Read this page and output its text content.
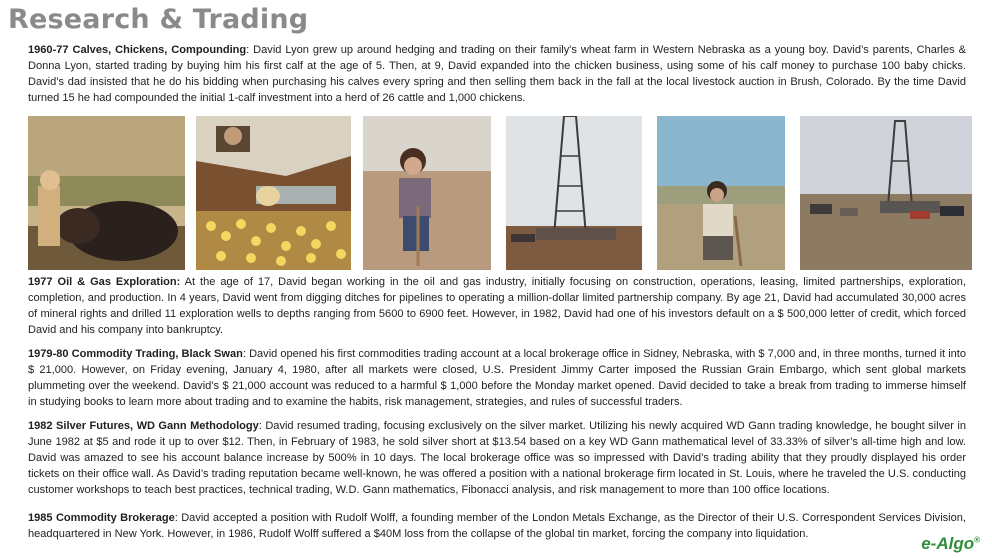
Research & Trading
1960-77 Calves, Chickens, Compounding: David Lyon grew up around hedging and trading on their family's wheat farm in Western Nebraska as a young boy. David’s parents, Charles & Donna Lyon, started trading by buying him his first calf at the age of 5. Then, at 9, David expanded into the chicken business, using some of his calf money to purchase 100 baby chicks. David’s dad insisted that he do his bidding when purchasing his calves every spring and then selling them back in the fall at the local livestock auction in Brush, Colorado. By the time David turned 15 he had compounded the initial 1-calf investment into a herd of 26 cattle and 1,000 chickens.
1977 Oil & Gas Exploration: At the age of 17, David began working in the oil and gas industry, initially focusing on construction, operations, leasing, limited partnerships, exploration, completion, and production. In 4 years, David went from digging ditches for pipelines to operating a million-dollar limited partnership company. By age 21, David had accumulated 30,000 acres of mineral rights and drilled 11 exploration wells to depths ranging from 5600 to 6900 feet. However, in 1982, David had one of his investors default on a $ 500,000 letter of credit, which forced David and his company into bankruptcy.
1979-80 Commodity Trading, Black Swan: David opened his first commodities trading account at a local brokerage office in Sidney, Nebraska, with $ 7,000 and, in three months, turned it into $ 21,000. However, on Friday evening, January 4, 1980, after all markets were closed, U.S. President Jimmy Carter imposed the Russian Grain Embargo, which sent global markets plummeting over the weekend. David’s $ 21,000 account was reduced to a harmful $ 1,000 before the Monday market opened. David decided to take a break from trading to immerse himself in studying books to learn more about trading and to examine the habits, risk management, strategies, and rules of successful traders.
1982 Silver Futures, WD Gann Methodology: David resumed trading, focusing exclusively on the silver market. Utilizing his newly acquired WD Gann trading knowledge, he bought silver in June 1982 at $5 and rode it up to over $12. Then, in February of 1983, he sold silver short at $13.54 based on a key WD Gann mathematical level of 33.33% of silver’s all-time high and low. David was amazed to see his account balance increase by 500% in 10 days. The local brokerage office was so impressed with David’s trading ability that they proudly displayed his order tickets on their office wall. As David’s trading reputation became well-known, he was offered a position with a national brokerage firm located in St. Louis, where he traveled the U.S. conducting customer workshops to teach best practices, technical trading, W.D. Gann mathematics, Fibonacci analysis, and risk management to more than 100 office locations.
1985 Commodity Brokerage: David accepted a position with Rudolf Wolff, a founding member of the London Metals Exchange, as the Director of their U.S. Correspondent Services Division, headquartered in New York. However, in 1986, Rudolf Wolff suffered a $40M loss from the collapse of the global tin market, forcing the company into liquidation.
e-Algo®
